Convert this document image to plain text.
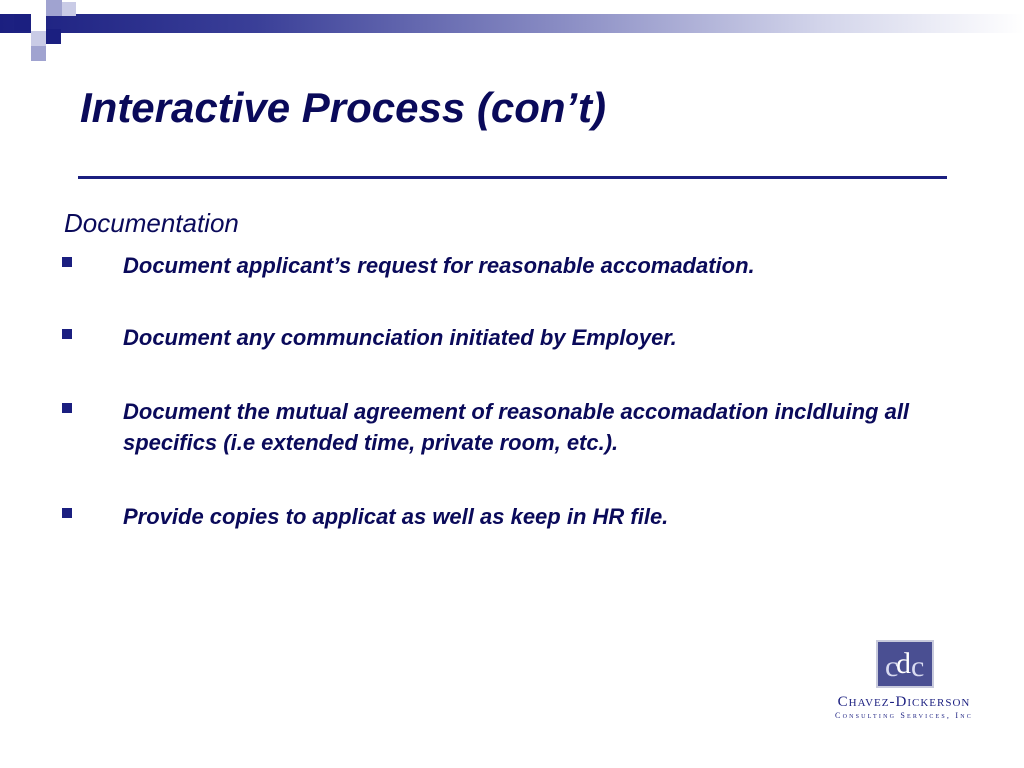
Interactive Process (con’t)
Documentation
Document applicant’s request for reasonable accomadation.
Document any communciation initiated by Employer.
Document the mutual agreement of reasonable accomadation incldluing all specifics (i.e extended time, private room, etc.).
Provide copies to applicat as well as keep in HR file.
c
d c
Chavez-Dickerson
Consulting Services, Inc
